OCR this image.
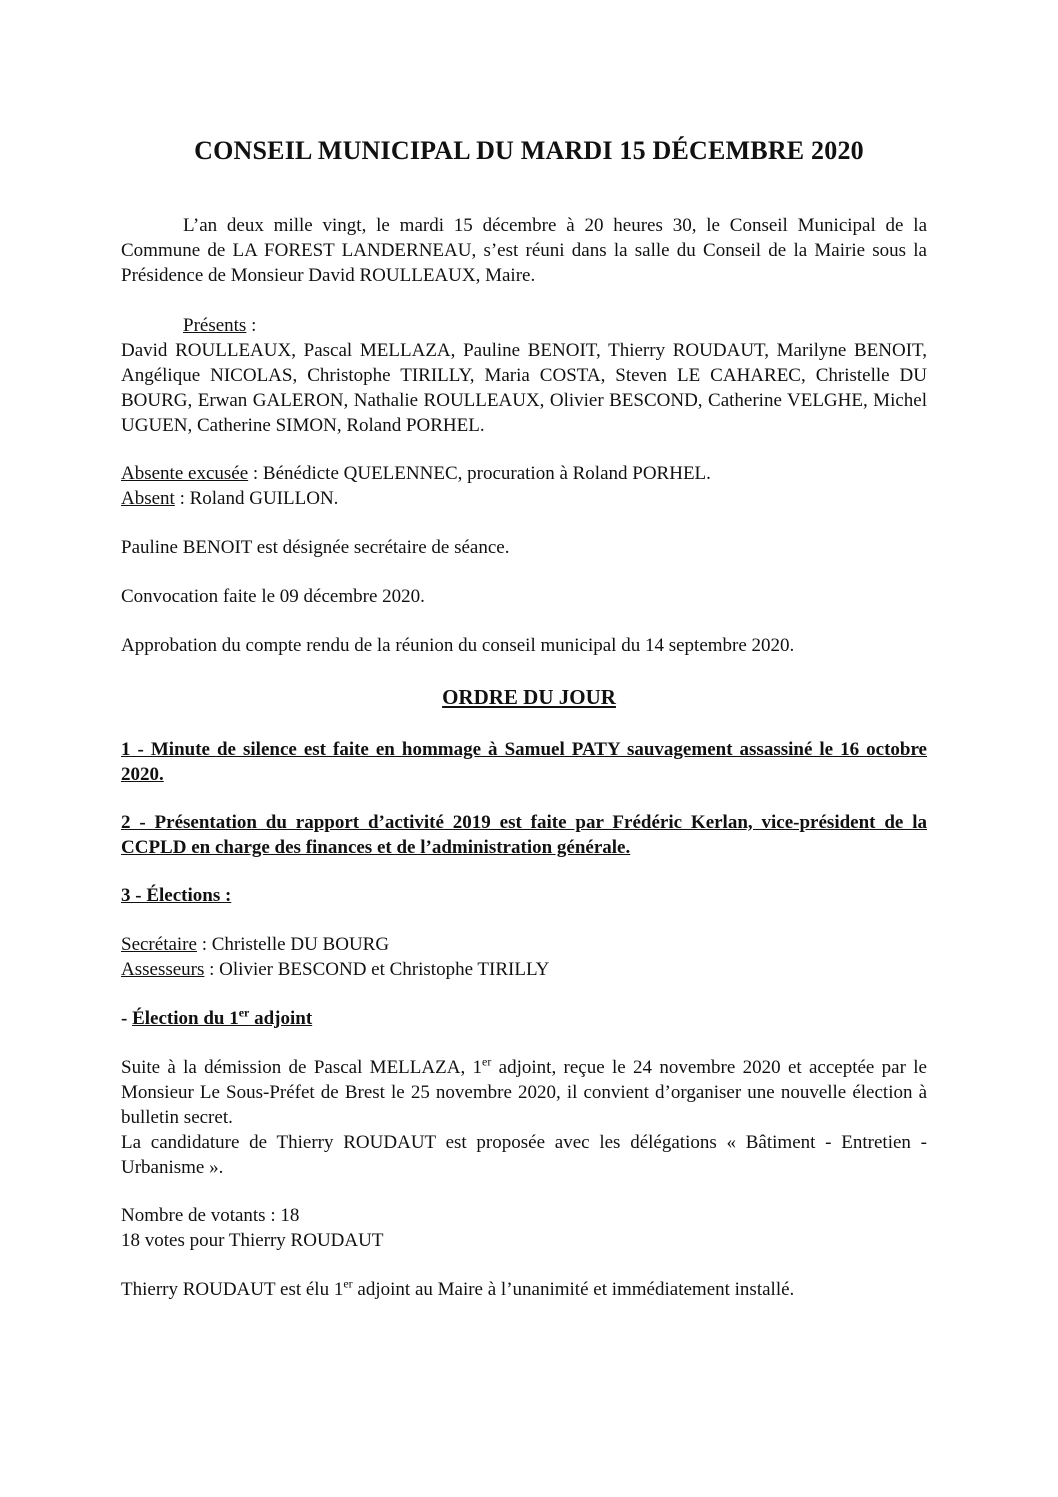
CONSEIL MUNICIPAL DU MARDI 15 DÉCEMBRE 2020

L’an deux mille vingt, le mardi 15 décembre à 20 heures 30, le Conseil Municipal de la Commune de LA FOREST LANDERNEAU, s’est réuni dans la salle du Conseil de la Mairie sous la Présidence de Monsieur David ROULLEAUX, Maire.

Présents :

David ROULLEAUX, Pascal MELLAZA, Pauline BENOIT, Thierry ROUDAUT, Marilyne BENOIT, Angélique NICOLAS, Christophe TIRILLY, Maria COSTA, Steven LE CAHAREC, Christelle DU BOURG, Erwan GALERON, Nathalie ROULLEAUX, Olivier BESCOND, Catherine VELGHE, Michel UGUEN, Catherine SIMON, Roland PORHEL.

Absente excusée : Bénédicte QUELENNEC, procuration à Roland PORHEL.
Absent : Roland GUILLON.

Pauline BENOIT est désignée secrétaire de séance.

Convocation faite le 09 décembre 2020.

Approbation du compte rendu de la réunion du conseil municipal du 14 septembre 2020.

ORDRE DU JOUR

1 - Minute de silence est faite en hommage à Samuel PATY sauvagement assassiné le 16 octobre 2020.

2 - Présentation du rapport d’activité 2019 est faite par Frédéric Kerlan, vice-président de la CCPLD en charge des finances et de l’administration générale.

3 - Élections :

Secrétaire : Christelle DU BOURG
Assesseurs : Olivier BESCOND et Christophe TIRILLY
- Élection du 1er adjoint

Suite à la démission de Pascal MELLAZA, 1er adjoint, reçue le 24 novembre 2020 et acceptée par le Monsieur Le Sous-Préfet de Brest le 25 novembre 2020, il convient d’organiser une nouvelle élection à bulletin secret.

La candidature de Thierry ROUDAUT est proposée avec les délégations « Bâtiment - Entretien - Urbanisme ».

Nombre de votants : 18
18 votes pour Thierry ROUDAUT

Thierry ROUDAUT est élu 1er adjoint au Maire à l’unanimité et immédiatement installé.
